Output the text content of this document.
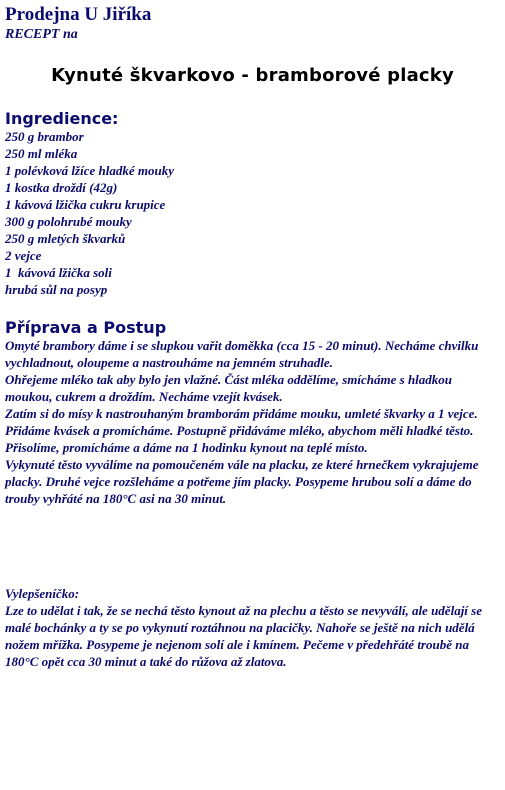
Prodejna U Jiříka
RECEPT na
Kynuté škvarkovo - bramborové placky
Ingredience:
250 g brambor
250 ml mléka
1 polévková lžíce hladké mouky
1 kostka droždí (42g)
1 kávová lžička cukru krupice
300 g polohrubé mouky
250 g mletých škvarků
2 vejce
1  kávová lžička soli
hrubá sůl na posyp
Příprava a Postup

Omyté brambory dáme i se slupkou vařit doměkka (cca 15 - 20 minut). Necháme chvilku vychladnout, oloupeme a nastrouháme na jemném struhadle.

Ohřejeme mléko tak aby bylo jen vlažné. Část mléka oddělíme, smícháme s hladkou moukou, cukrem a droždím. Necháme vzejít kvásek.

Zatím si do mísy k nastrouhaným bramborám přidáme mouku, umleté škvarky a 1 vejce.

Přidáme kvásek a promícháme. Postupně přidáváme mléko, abychom měli hladké těsto. Přisolíme, promícháme a dáme na 1 hodinku kynout na teplé místo.

Vykynuté těsto vyválíme na pomoučeném vále na placku, ze které hrnečkem vykrajujeme placky. Druhé vejce rozšleháme a potřeme jím placky. Posypeme hrubou solí a dáme do trouby vyhřáté na 180°C asi na 30 minut.

Vylepšeníčko:

Lze to udělat i tak, že se nechá těsto kynout až na plechu a těsto se nevyválí, ale udělají se malé bochánky a ty se po vykynutí roztáhnou na placičky. Nahoře se ještě na nich udělá nožem mřížka. Posypeme je nejenom solí ale i kmínem. Pečeme v předehřáté troubě na 180°C opět cca 30 minut a také do růžova až zlatova.
